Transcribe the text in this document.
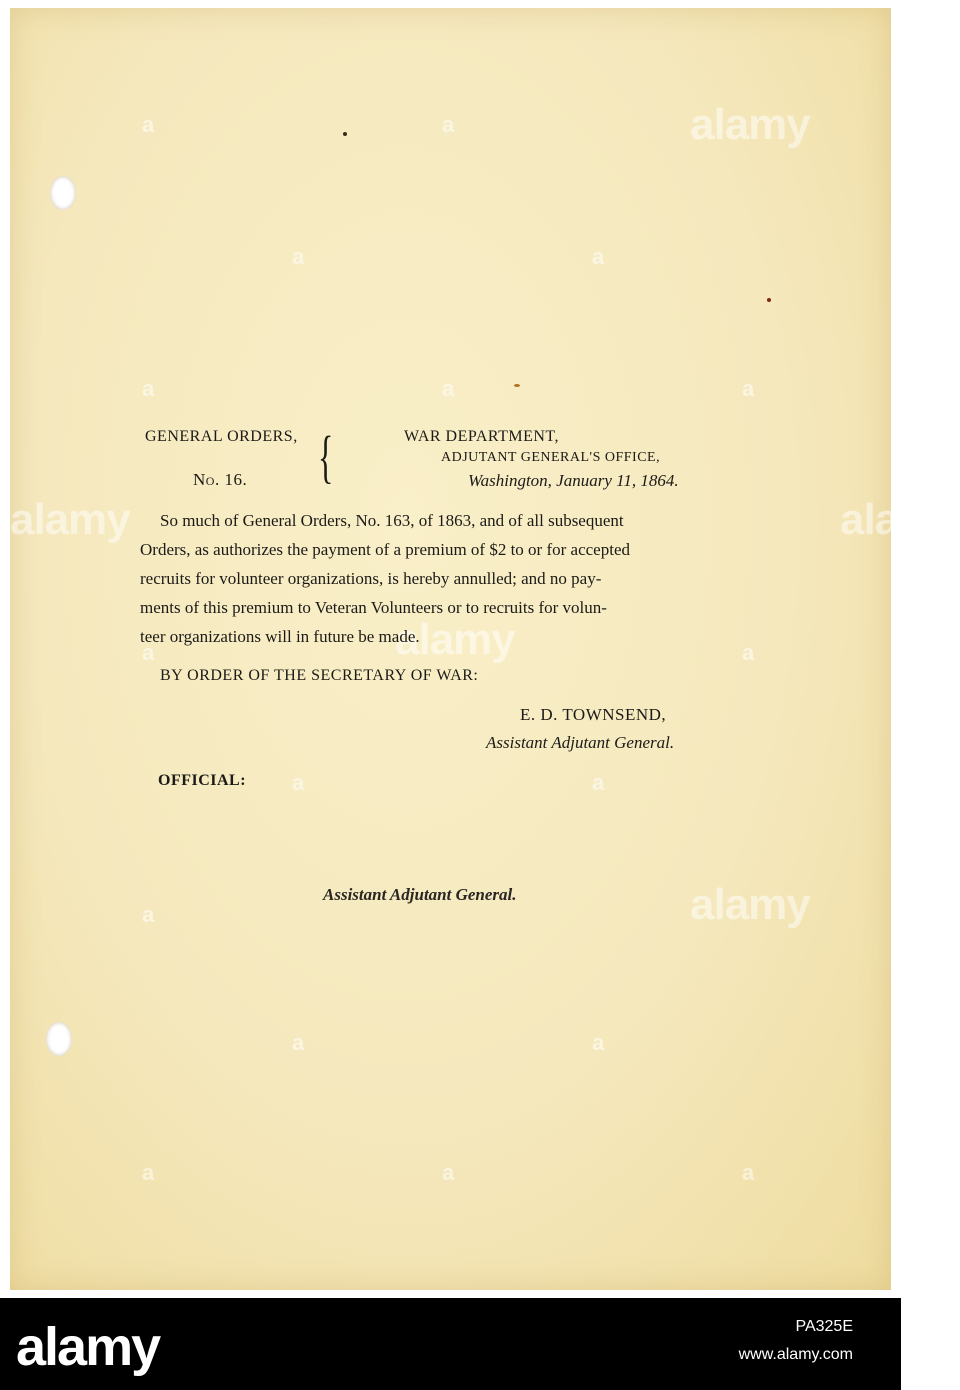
alamy
alamy
alamy
alamy	alamy
a	a
a	a
a	a	a
a	a
a	a
a
a	a
a	a	a
GENERAL ORDERS,
No. 16. {	WAR DEPARTMENT,
ADJUTANT GENERAL'S OFFICE,
Washington, January 11, 1864.
So much of General Orders, No. 163, of 1863, and of all subsequent
Orders, as authorizes the payment of a premium of $2 to or for accepted
recruits for volunteer organizations, is hereby annulled; and no pay-
ments of this premium to Veteran Volunteers or to recruits for volun-
teer organizations will in future be made.
BY ORDER OF THE SECRETARY OF WAR:
E. D. TOWNSEND,
Assistant Adjutant General.
OFFICIAL:
Assistant Adjutant General.
alamy	PA325E
www.alamy.com
